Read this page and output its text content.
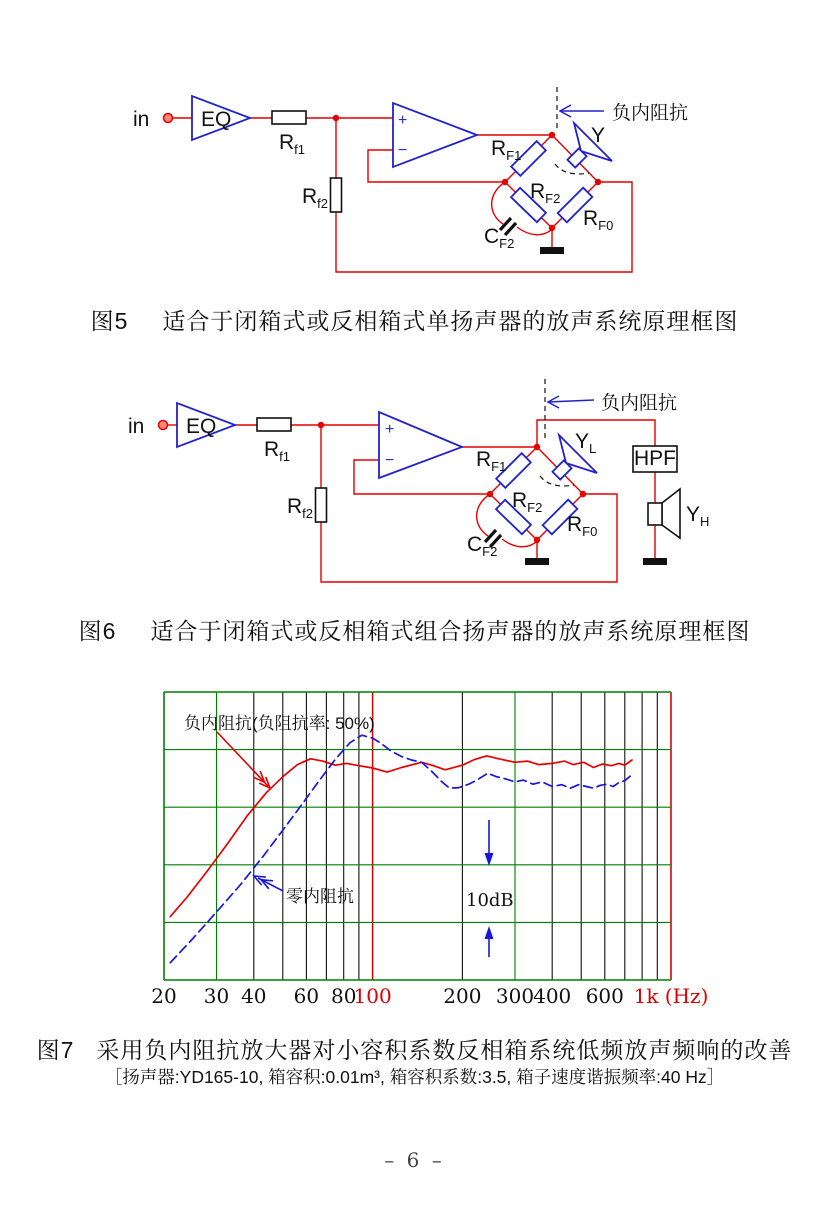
in EQ	+
−
$R_{f1}$
$R_{f2}$
$R_{F1}$
$R_{F2}$
$R_{F0}$
$C_{F2}$
Y
负内阻抗
图5 适合于闭箱式或反相箱式单扬声器的放声系统原理框图
in EQ	+
−
$R_{f1}$
$R_{f2}$
$R_{F1}$
$R_{F2}$
$R_{F0}$
$C_{F2}$
HPF
$Y_L$
$Y_H$
负内阻抗
图6 适合于闭箱式或反相箱式组合扬声器的放声系统原理框图
负内阻抗(负阻抗率: 50%)
零内阻抗	10dB
20 30 40 60 80
100	200 300 400 600 1k (Hz)
图7 采用负内阻抗放大器对小容积系数反相箱系统低频放声频响的改善
［扬声器:YD165-10, 箱容积:0.01m³, 箱容积系数:3.5, 箱子速度谐振频率:40 Hz］
– 6 –
